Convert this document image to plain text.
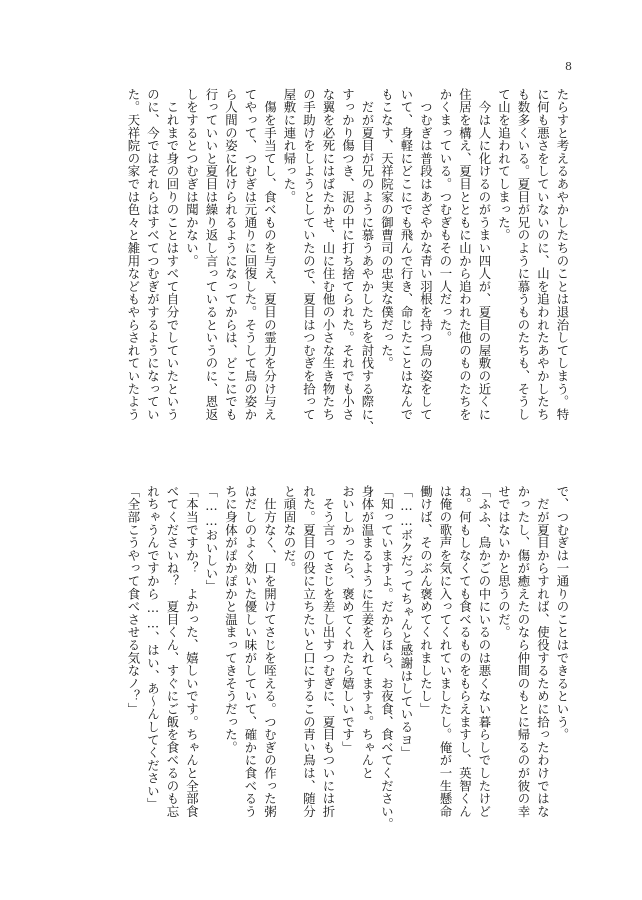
8
たらすと考えるあやかしたちのことは退治してしまう。特
に何も悪さをしていないのに、山を追われたあやかしたち
も数多くいる。夏目が兄のように慕うものたちも、そうし
て山を追われてしまった。
　今は人に化けるのがうまい四人が、夏目の屋敷の近くに
住居を構え、夏目とともに山から追われた他のものたちを
かくまっている。つむぎもその一人だった。
　つむぎは普段はあざやかな青い羽根を持つ鳥の姿をして
いて、身軽にどこにでも飛んで行き、命じたことはなんで
もこなす、天祥院家の御曹司の忠実な僕だった。
　だが夏目が兄のように慕うあやかしたちを討伐する際に、
すっかり傷つき、泥の中に打ち捨てられた。それでも小さ
な翼を必死にはばたかせ、山に住む他の小さな生き物たち
の手助けをしようとしていたので、夏目はつむぎを拾って
屋敷に連れ帰った。
　傷を手当てし、食べものを与え、夏目の霊力を分け与え
てやって、つむぎは元通りに回復した。そうして鳥の姿か
ら人間の姿に化けられるようになってからは、どこにでも
行っていいと夏目は繰り返し言っているというのに、恩返
しをするとつむぎは聞かない。
　これまで身の回りのことはすべて自分でしていたという
のに、今ではそれらはすべてつむぎがするようになってい
た。天祥院の家では色々と雑用などもやらされていたよう
で、つむぎは一通りのことはできるという。
　だが夏目からすれば、使役するために拾ったわけではな
かったし、傷が癒えたのなら仲間のもとに帰るのが彼の幸
せではないかと思うのだ。
「ふふ、鳥かごの中にいるのは悪くない暮らしでしたけど
ね。何もしなくても食べるものをもらえますし、英智くん
は俺の歌声を気に入ってくれていましたし。俺が一生懸命
働けば、そのぶん褒めてくれましたし」
「……ボクだってちゃんと感謝はしているヨ」
「知っていますよ。だからほら、お夜食、食べてください。
身体が温まるように生姜を入れてますよ。ちゃんと
おいしかったら、褒めてくれたら嬉しいです」
　そう言ってさじを差し出すつむぎに、夏目もついには折
れた。夏目の役に立ちたいと口にするこの青い鳥は、随分
と頑固なのだ。
　仕方なく、口を開けてさじを咥える。つむぎの作った粥
はだしのよく効いた優しい味がしていて、確かに食べるう
ちに身体がぽかぽかと温まってきそうだった。
「……おいしい」
「本当ですか？　よかった、嬉しいです。ちゃんと全部食
べてくださいね？　夏目くん、すぐにご飯を食べるのも忘
れちゃうんですから……、はい、あ～んしてください」
「全部こうやって食べさせる気なノ？」
